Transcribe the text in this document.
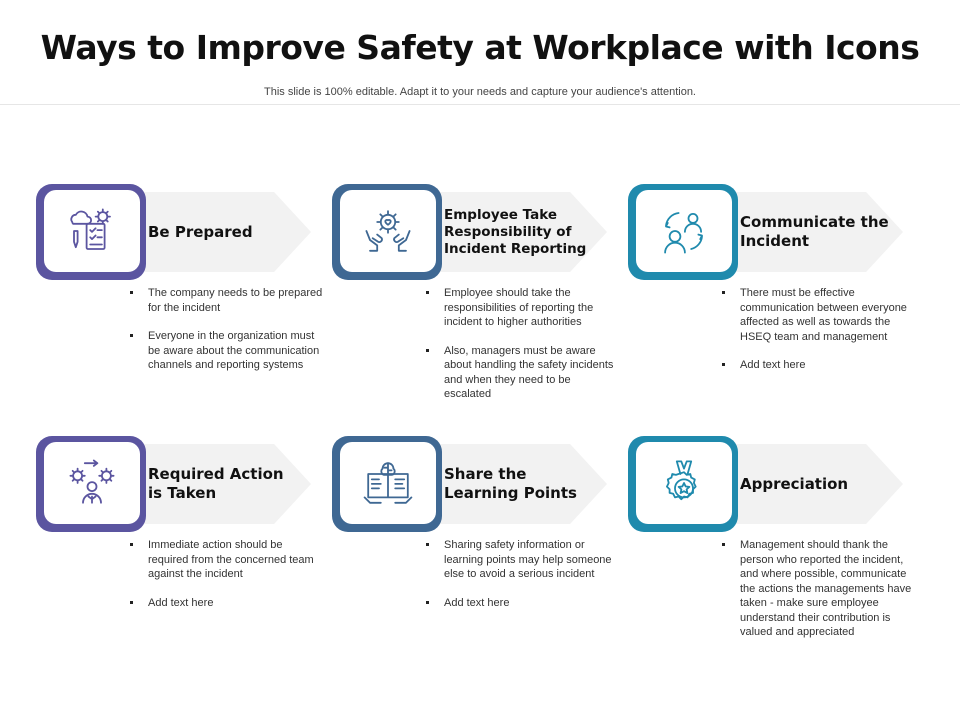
Ways to Improve Safety at Workplace with Icons
This slide is 100% editable. Adapt it to your needs and capture your audience's attention.
Be Prepared
The company needs to be prepared for the incident
Everyone in the organization must be aware about the communication channels and reporting systems
Employee Take Responsibility of Incident Reporting
Employee should take the responsibilities of reporting the incident to higher authorities
Also, managers must be aware about handling the safety incidents and when they need to be escalated
Communicate the Incident
There must be effective communication between everyone affected as well as towards the HSEQ team and management
Add text here
Required Action is Taken
Immediate action should be required from the concerned team against the incident
Add text here
Share the Learning Points
Sharing safety information or learning points may help someone else to avoid a serious incident
Add text here
Appreciation
Management should thank the person who reported the incident, and where possible, communicate the actions the managements have taken - make sure employee understand their contribution is valued and appreciated
